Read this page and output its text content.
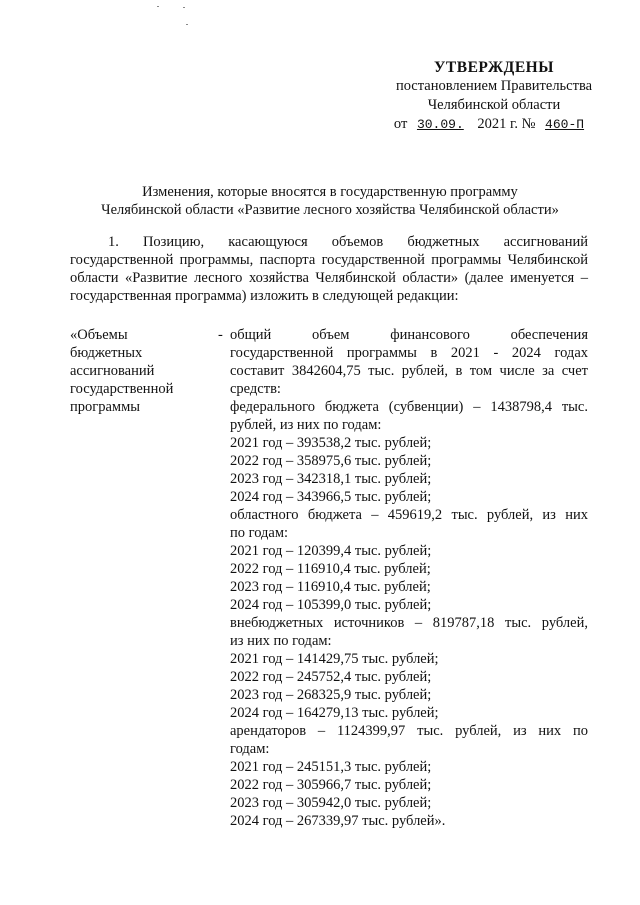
УТВЕРЖДЕНЫ
постановлением Правительства
Челябинской области
от 30.09. 2021 г. № 460-П
Изменения, которые вносятся в государственную программу
Челябинской области «Развитие лесного хозяйства Челябинской области»
1. Позицию, касающуюся объемов бюджетных ассигнований государственной программы, паспорта государственной программы Челябинской области «Развитие лесного хозяйства Челябинской области» (далее именуется – государственная программа) изложить в следующей редакции:
«Объемы
бюджетных
ассигнований
государственной
программы
- общий объем финансового обеспечения
государственной программы в 2021 - 2024 годах
составит 3842604,75 тыс. рублей, в том числе за счет
средств:
федерального бюджета (субвенции) – 1438798,4 тыс.
рублей, из них по годам:
2021 год – 393538,2 тыс. рублей;
2022 год – 358975,6 тыс. рублей;
2023 год – 342318,1 тыс. рублей;
2024 год – 343966,5 тыс. рублей;
областного бюджета – 459619,2 тыс. рублей, из них
по годам:
2021 год – 120399,4 тыс. рублей;
2022 год – 116910,4 тыс. рублей;
2023 год – 116910,4 тыс. рублей;
2024 год – 105399,0 тыс. рублей;
внебюджетных источников – 819787,18 тыс. рублей,
из них по годам:
2021 год – 141429,75 тыс. рублей;
2022 год – 245752,4 тыс. рублей;
2023 год – 268325,9 тыс. рублей;
2024 год – 164279,13 тыс. рублей;
арендаторов – 1124399,97 тыс. рублей, из них по
годам:
2021 год – 245151,3 тыс. рублей;
2022 год – 305966,7 тыс. рублей;
2023 год – 305942,0 тыс. рублей;
2024 год – 267339,97 тыс. рублей».
